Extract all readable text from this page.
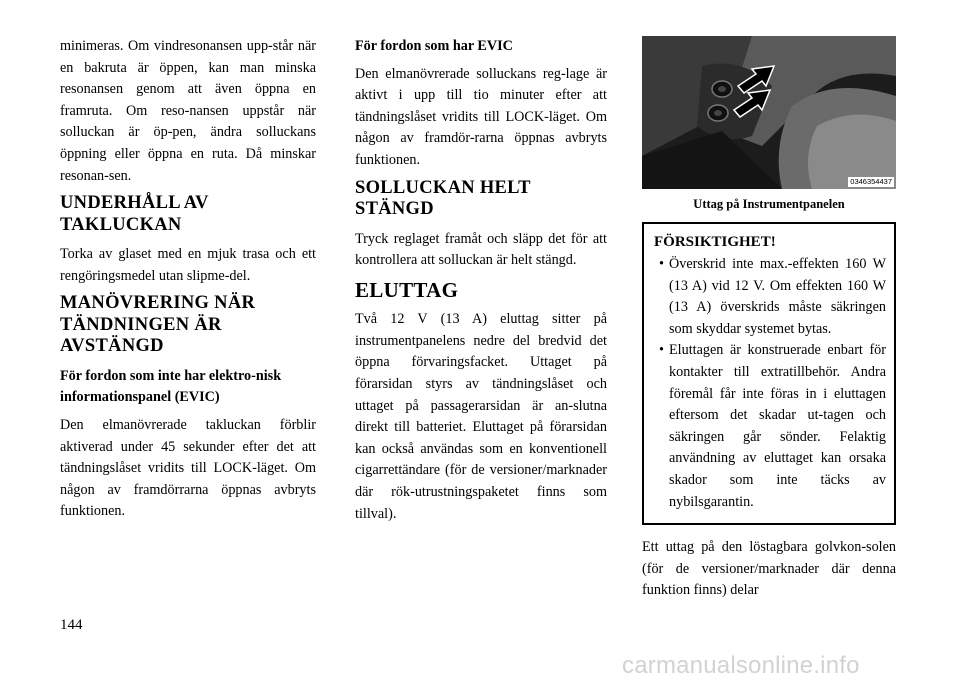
minimeras. Om vindresonansen upp-står när en bakruta är öppen, kan man minska resonansen genom att även öppna en framruta. Om reso-nansen uppstår när solluckan är öp-pen, ändra solluckans öppning eller öppna en ruta. Då minskar resonan-sen.

UNDERHÅLL AV TAKLUCKAN

Torka av glaset med en mjuk trasa och ett rengöringsmedel utan slipme-del.

MANÖVRERING NÄR TÄNDNINGEN ÄR AVSTÄNGD
För fordon som inte har elektro-nisk informationspanel (EVIC)

Den elmanövrerade takluckan förblir aktiverad under 45 sekunder efter det att tändningslåset vridits till LOCK-läget. Om någon av framdörrarna öppnas avbryts funktionen.

För fordon som har EVIC

Den elmanövrerade solluckans reg-lage är aktivt i upp till tio minuter efter att tändningslåset vridits till LOCK-läget. Om någon av framdör-rarna öppnas avbryts funktionen.

SOLLUCKAN HELT STÄNGD

Tryck reglaget framåt och släpp det för att kontrollera att solluckan är helt stängd.

ELUTTAG

Två 12 V (13 A) eluttag sitter på instrumentpanelens nedre del bredvid det öppna förvaringsfacket. Uttaget på förarsidan styrs av tändningslåset och uttaget på passagerarsidan är an-slutna direkt till batteriet. Eluttaget på förarsidan kan också användas som en konventionell cigarrettändare (för de versioner/marknader där rök-utrustningspaketet finns som tillval).

0346354437
Uttag på Instrumentpanelen
FÖRSIKTIGHET!
• Överskrid inte max.-effekten 160 W (13 A) vid 12 V. Om effekten 160 W (13 A) överskrids måste säkringen som skyddar systemet bytas.
• Eluttagen är konstruerade enbart för kontakter till extratillbehör. Andra föremål får inte föras in i eluttagen eftersom det skadar ut-tagen och säkringen går sönder. Felaktig användning av eluttaget kan orsaka skador som inte täcks av nybilsgarantin.

Ett uttag på den löstagbara golvkon-solen (för de versioner/marknader där denna funktion finns) delar

144
carmanualsonline.info
